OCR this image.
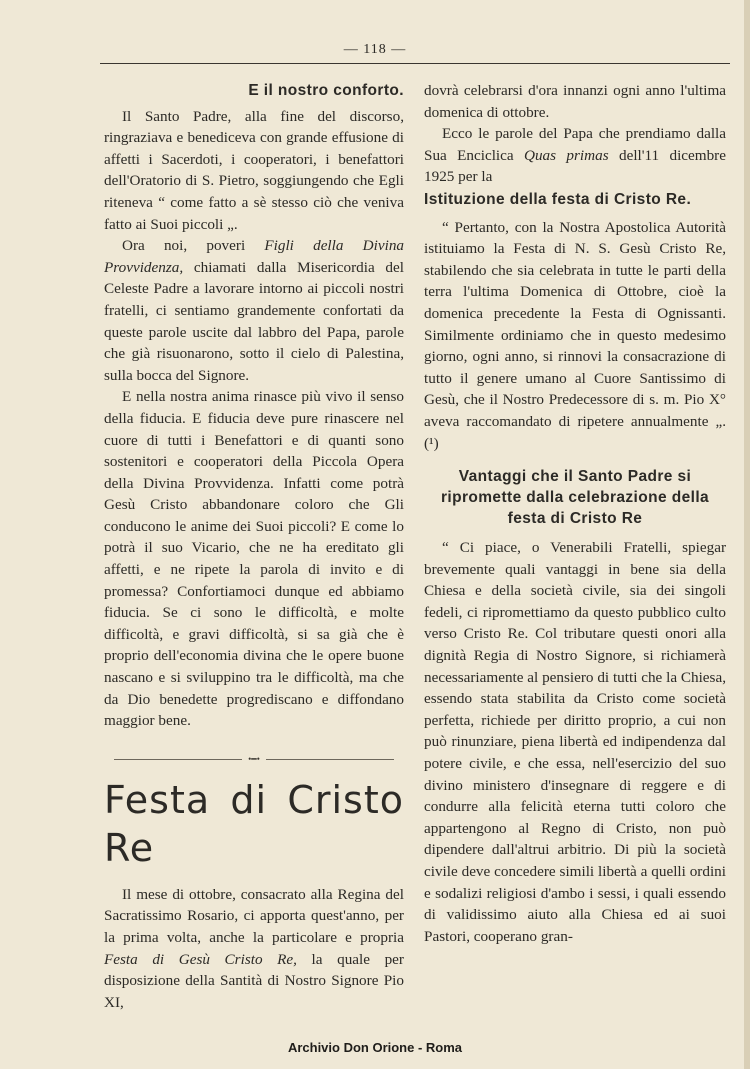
— 118 —
E il nostro conforto.

Il Santo Padre, alla fine del discorso, ringraziava e benediceva con grande effusione di affetti i Sacerdoti, i cooperatori, i benefattori dell'Oratorio di S. Pietro, soggiungendo che Egli riteneva “ come fatto a sè stesso ciò che veniva fatto ai Suoi piccoli „.

Ora noi, poveri Figli della Divina Provvidenza, chiamati dalla Misericordia del Celeste Padre a lavorare intorno ai piccoli nostri fratelli, ci sentiamo grandemente confortati da queste parole uscite dal labbro del Papa, parole che già risuonarono, sotto il cielo di Palestina, sulla bocca del Signore.

E nella nostra anima rinasce più vivo il senso della fiducia. E fiducia deve pure rinascere nel cuore di tutti i Benefattori e di quanti sono sostenitori e cooperatori della Piccola Opera della Divina Provvidenza. Infatti come potrà Gesù Cristo abbandonare coloro che Gli conducono le anime dei Suoi piccoli? E come lo potrà il suo Vicario, che ne ha ereditato gli affetti, e ne ripete la parola di invito e di promessa? Confortiamoci dunque ed abbiamo fiducia. Se ci sono le difficoltà, e molte difficoltà, e gravi difficoltà, si sa già che è proprio dell'economia divina che le opere buone nascano e si sviluppino tra le difficoltà, ma che da Dio benedette progrediscano e diffondano maggior bene.

•━•
Festa di Cristo Re

Il mese di ottobre, consacrato alla Regina del Sacratissimo Rosario, ci apporta quest'anno, per la prima volta, anche la particolare e propria Festa di Gesù Cristo Re, la quale per disposizione della Santità di Nostro Signore Pio XI,

dovrà celebrarsi d'ora innanzi ogni anno l'ultima domenica di ottobre.

Ecco le parole del Papa che prendiamo dalla Sua Enciclica Quas primas dell'11 dicembre 1925 per la

Istituzione della festa di Cristo Re.

“ Pertanto, con la Nostra Apostolica Autorità istituiamo la Festa di N. S. Gesù Cristo Re, stabilendo che sia celebrata in tutte le parti della terra l'ultima Domenica di Ottobre, cioè la domenica precedente la Festa di Ognissanti. Similmente ordiniamo che in questo medesimo giorno, ogni anno, si rinnovi la consacrazione di tutto il genere umano al Cuore Santissimo di Gesù, che il Nostro Predecessore di s. m. Pio X° aveva raccomandato di ripetere annualmente „. (¹)

Vantaggi che il Santo Padre si ripromette dalla celebrazione della festa di Cristo Re

“ Ci piace, o Venerabili Fratelli, spiegar brevemente quali vantaggi in bene sia della Chiesa e della società civile, sia dei singoli fedeli, ci ripromettiamo da questo pubblico culto verso Cristo Re. Col tributare questi onori alla dignità Regia di Nostro Signore, si richiamerà necessariamente al pensiero di tutti che la Chiesa, essendo stata stabilita da Cristo come società perfetta, richiede per diritto proprio, a cui non può rinunziare, piena libertà ed indipendenza dal potere civile, e che essa, nell'esercizio del suo divino ministero d'insegnare di reggere e di condurre alla felicità eterna tutti coloro che appartengono al Regno di Cristo, non può dipendere dall'altrui arbitrio. Di più la società civile deve concedere simili libertà a quelli ordini e sodalizi religiosi d'ambo i sessi, i quali essendo di validissimo aiuto alla Chiesa ed ai suoi Pastori, cooperano gran-

Archivio Don Orione - Roma
